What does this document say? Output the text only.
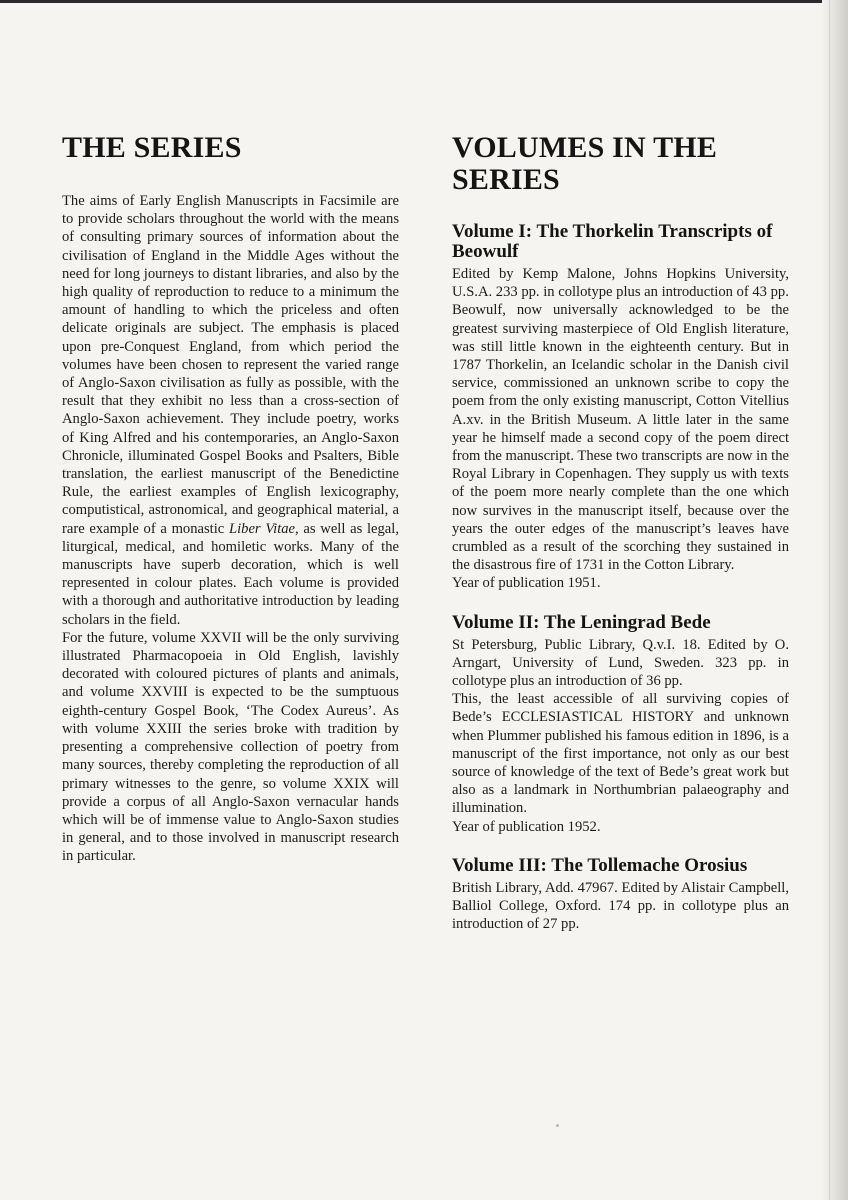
THE SERIES

The aims of Early English Manuscripts in Facsimile are to provide scholars throughout the world with the means of consulting primary sources of information about the civilisation of England in the Middle Ages without the need for long journeys to distant libraries, and also by the high quality of reproduction to reduce to a minimum the amount of handling to which the priceless and often delicate originals are subject. The emphasis is placed upon pre-Conquest England, from which period the volumes have been chosen to represent the varied range of Anglo-Saxon civilisation as fully as possible, with the result that they exhibit no less than a cross-section of Anglo-Saxon achievement. They include poetry, works of King Alfred and his contemporaries, an Anglo-Saxon Chronicle, illuminated Gospel Books and Psalters, Bible translation, the earliest manuscript of the Benedictine Rule, the earliest examples of English lexicography, computistical, astronomical, and geographical material, a rare example of a monastic Liber Vitae, as well as legal, liturgical, medical, and homiletic works. Many of the manuscripts have superb decoration, which is well represented in colour plates. Each volume is provided with a thorough and authoritative introduction by leading scholars in the field.

For the future, volume XXVII will be the only surviving illustrated Pharmacopoeia in Old English, lavishly decorated with coloured pictures of plants and animals, and volume XXVIII is expected to be the sumptuous eighth-century Gospel Book, ‘The Codex Aureus’. As with volume XXIII the series broke with tradition by presenting a comprehensive collection of poetry from many sources, thereby completing the reproduction of all primary witnesses to the genre, so volume XXIX will provide a corpus of all Anglo-Saxon vernacular hands which will be of immense value to Anglo-Saxon studies in general, and to those involved in manuscript research in particular.

VOLUMES IN THE SERIES
Volume I: The Thorkelin Transcripts of Beowulf

Edited by Kemp Malone, Johns Hopkins University, U.S.A. 233 pp. in collotype plus an introduction of 43 pp.

Beowulf, now universally acknowledged to be the greatest surviving masterpiece of Old English literature, was still little known in the eighteenth century. But in 1787 Thorkelin, an Icelandic scholar in the Danish civil service, commissioned an unknown scribe to copy the poem from the only existing manuscript, Cotton Vitellius A.xv. in the British Museum. A little later in the same year he himself made a second copy of the poem direct from the manuscript. These two transcripts are now in the Royal Library in Copenhagen. They supply us with texts of the poem more nearly complete than the one which now survives in the manuscript itself, because over the years the outer edges of the manuscript’s leaves have crumbled as a result of the scorching they sustained in the disastrous fire of 1731 in the Cotton Library.

Year of publication 1951.

Volume II: The Leningrad Bede

St Petersburg, Public Library, Q.v.I. 18. Edited by O. Arngart, University of Lund, Sweden. 323 pp. in collotype plus an introduction of 36 pp.

This, the least accessible of all surviving copies of Bede’s ECCLESIASTICAL HISTORY and unknown when Plummer published his famous edition in 1896, is a manuscript of the first importance, not only as our best source of knowledge of the text of Bede’s great work but also as a landmark in Northumbrian palaeography and illumination.

Year of publication 1952.

Volume III: The Tollemache Orosius

British Library, Add. 47967. Edited by Alistair Campbell, Balliol College, Oxford. 174 pp. in collotype plus an introduction of 27 pp.
